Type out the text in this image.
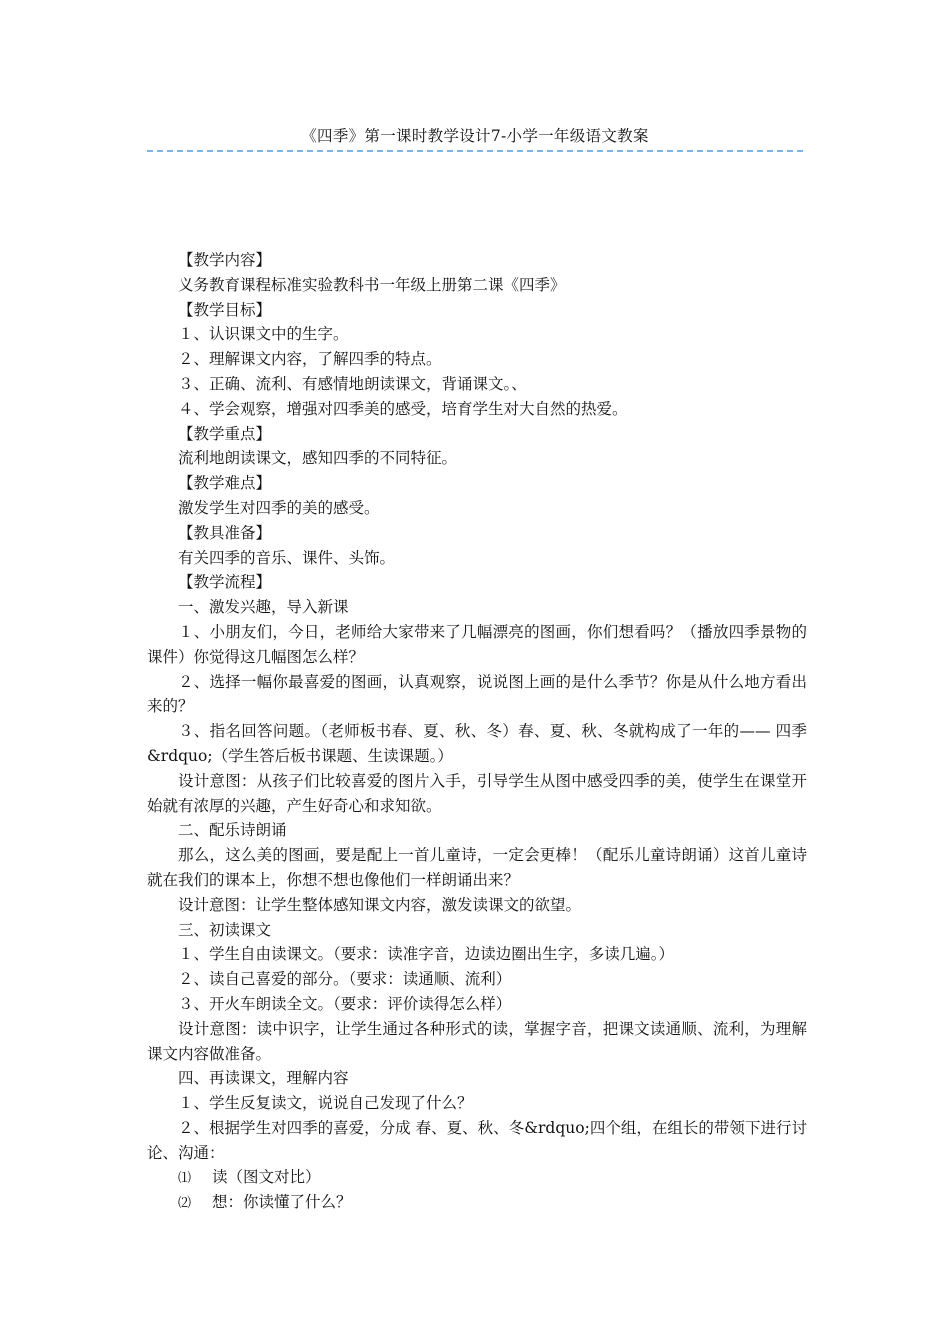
《四季》第一课时教学设计7-小学一年级语文教案
【教学内容】
义务教育课程标准实验教科书一年级上册第二课《四季》
【教学目标】
１、认识课文中的生字。
２、理解课文内容，了解四季的特点。
３、正确、流利、有感情地朗读课文，背诵课文。、
４、学会观察，增强对四季美的感受，培育学生对大自然的热爱。
【教学重点】
流利地朗读课文，感知四季的不同特征。
【教学难点】
激发学生对四季的美的感受。
【教具准备】
有关四季的音乐、课件、头饰。
【教学流程】
一、激发兴趣，导入新课
１、小朋友们，今日，老师给大家带来了几幅漂亮的图画，你们想看吗？（播放四季景物的课件）你觉得这几幅图怎么样？
２、选择一幅你最喜爱的图画，认真观察，说说图上画的是什么季节？你是从什么地方看出来的？
３、指名回答问题。（老师板书春、夏、秋、冬）春、夏、秋、冬就构成了一年的—— 四季&rdquo;（学生答后板书课题、生读课题。）
设计意图：从孩子们比较喜爱的图片入手，引导学生从图中感受四季的美，使学生在课堂开始就有浓厚的兴趣，产生好奇心和求知欲。
二、配乐诗朗诵
那么，这么美的图画，要是配上一首儿童诗，一定会更棒！（配乐儿童诗朗诵）这首儿童诗就在我们的课本上，你想不想也像他们一样朗诵出来？
设计意图：让学生整体感知课文内容，激发读课文的欲望。
三、初读课文
１、学生自由读课文。（要求：读准字音，边读边圈出生字，多读几遍。）
２、读自己喜爱的部分。（要求：读通顺、流利）
３、开火车朗读全文。（要求：评价读得怎么样）
设计意图：读中识字，让学生通过各种形式的读，掌握字音，把课文读通顺、流利，为理解课文内容做准备。
四、再读课文，理解内容
１、学生反复读文，说说自己发现了什么？
２、根据学生对四季的喜爱，分成 春、夏、秋、冬&rdquo;四个组，在组长的带领下进行讨论、沟通：
⑴ 读（图文对比）
⑵ 想：你读懂了什么？
